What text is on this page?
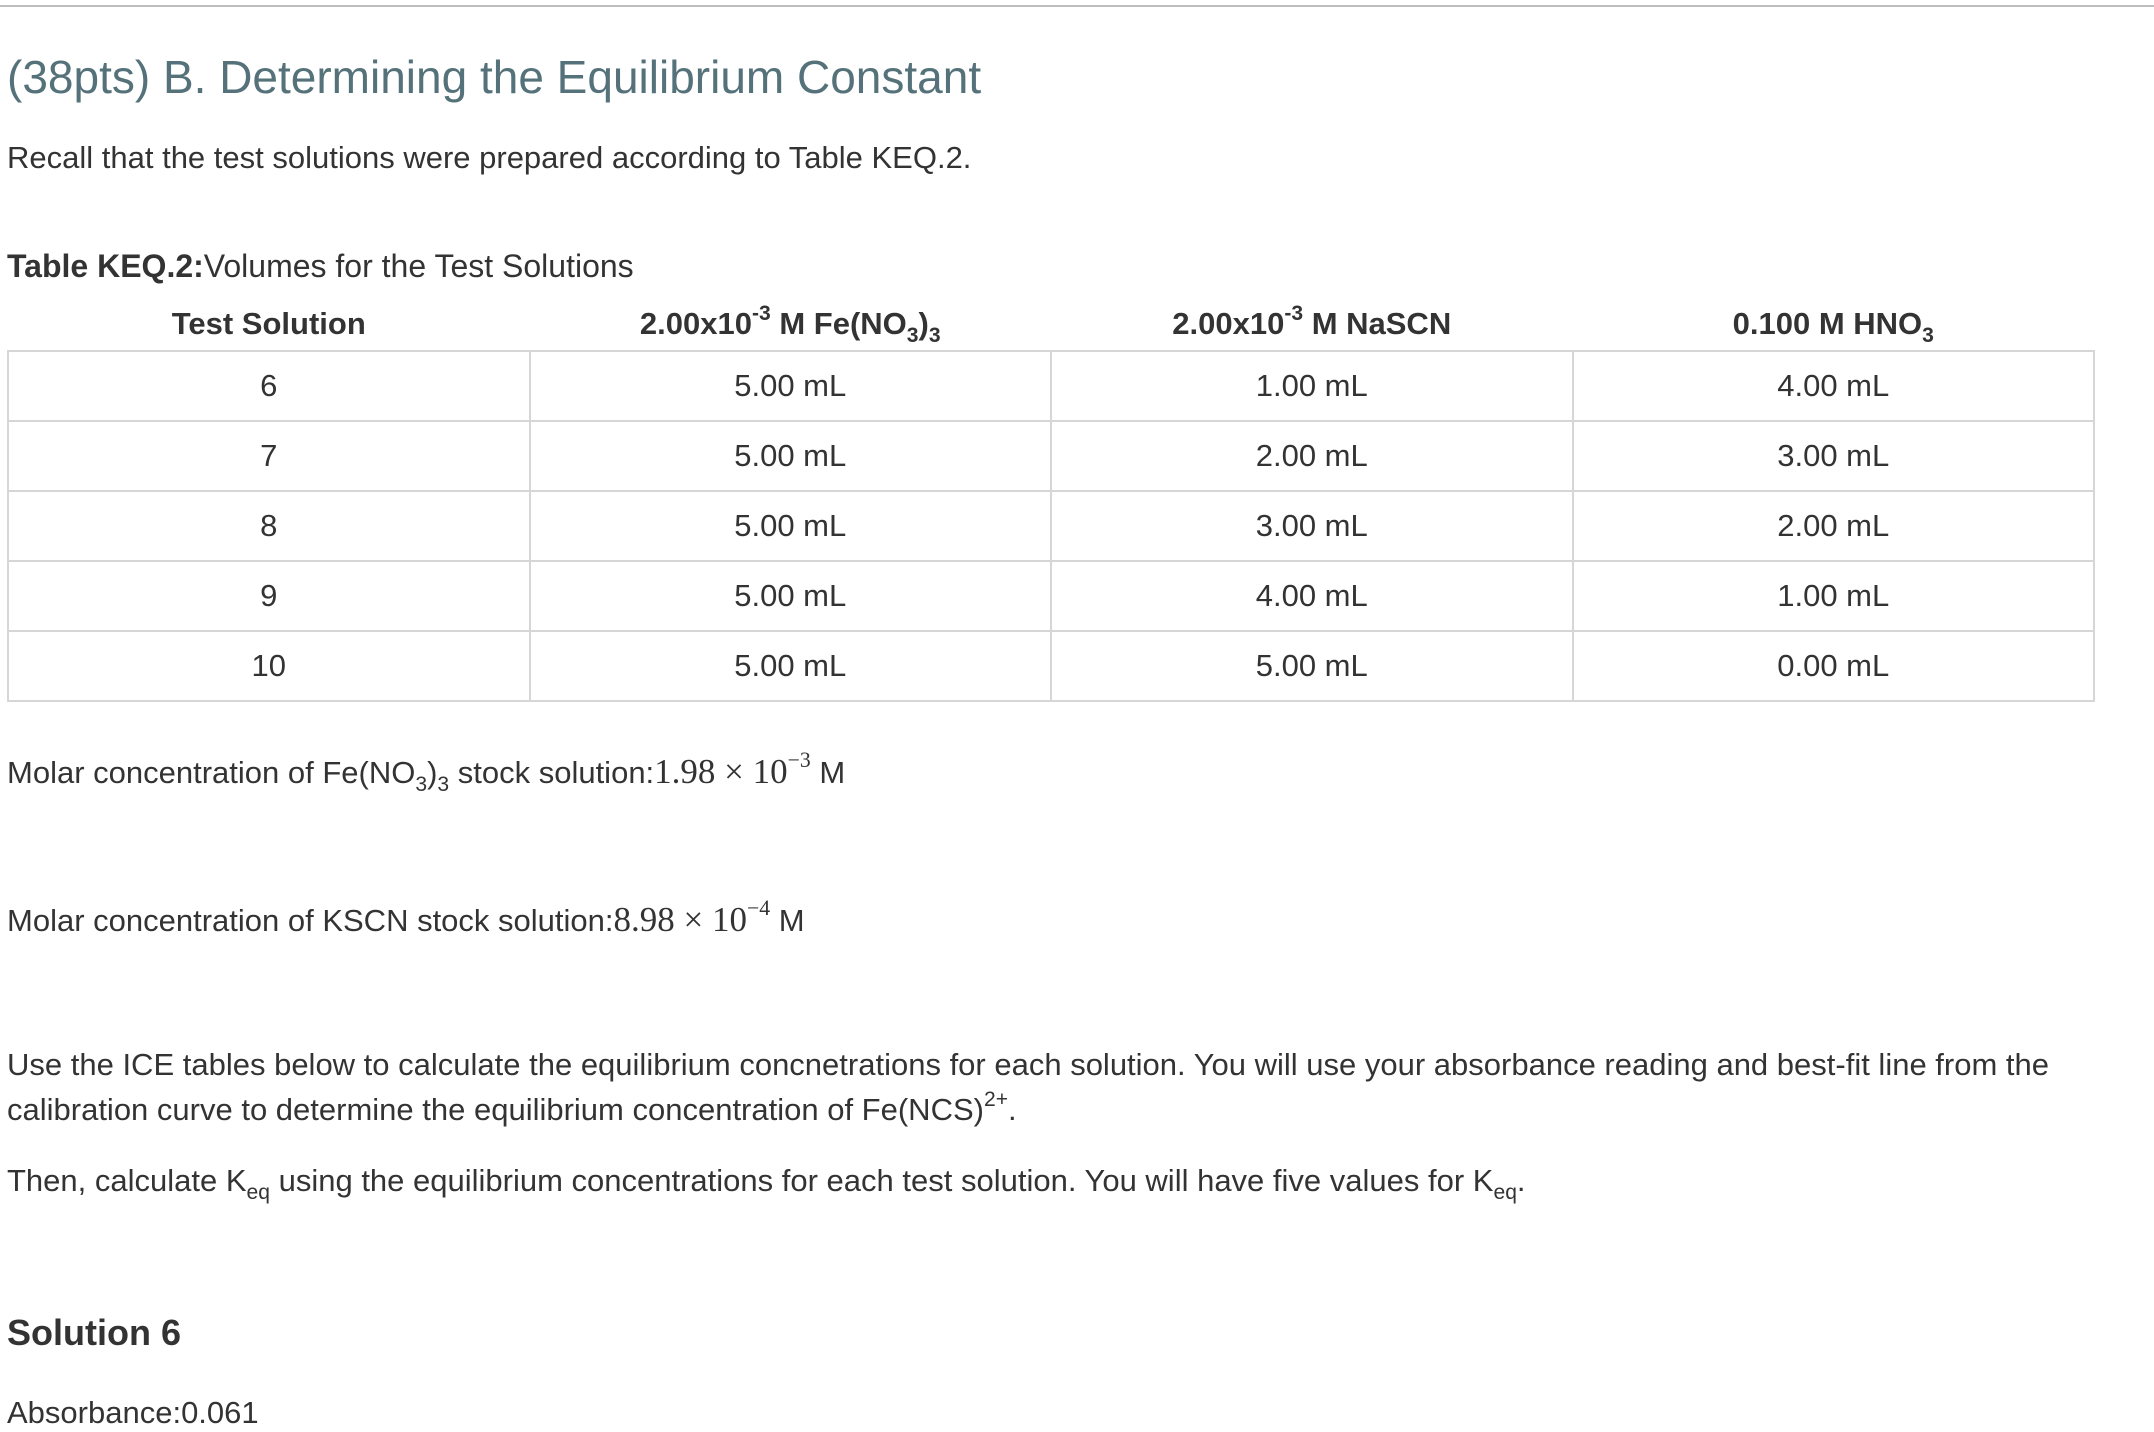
(38pts) B. Determining the Equilibrium Constant

Recall that the test solutions were prepared according to Table KEQ.2.

Table KEQ.2:Volumes for the Test Solutions

Test Solution	$2.00x10^{-3}$ M $Fe(NO_3)_3$	$2.00x10^{-3}$ M NaSCN	0.100 M $HNO_3$
6	5.00 mL	1.00 mL	4.00 mL
7	5.00 mL	2.00 mL	3.00 mL
8	5.00 mL	3.00 mL	2.00 mL
9	5.00 mL	4.00 mL	1.00 mL
10	5.00 mL	5.00 mL	0.00 mL

Molar concentration of $Fe(NO_3)_3$ stock solution:1.98 × $10^{-3}$ M

Molar concentration of KSCN stock solution:8.98 × $10^{-4}$ M

Use the ICE tables below to calculate the equilibrium concnetrations for each solution. You will use your absorbance reading and best-fit line from the calibration curve to determine the equilibrium concentration of Fe(NCS)$^{2+}$.

Then, calculate $K_{eq}$ using the equilibrium concentrations for each test solution. You will have five values for $K_{eq}$.

Solution 6

Absorbance:0.061
